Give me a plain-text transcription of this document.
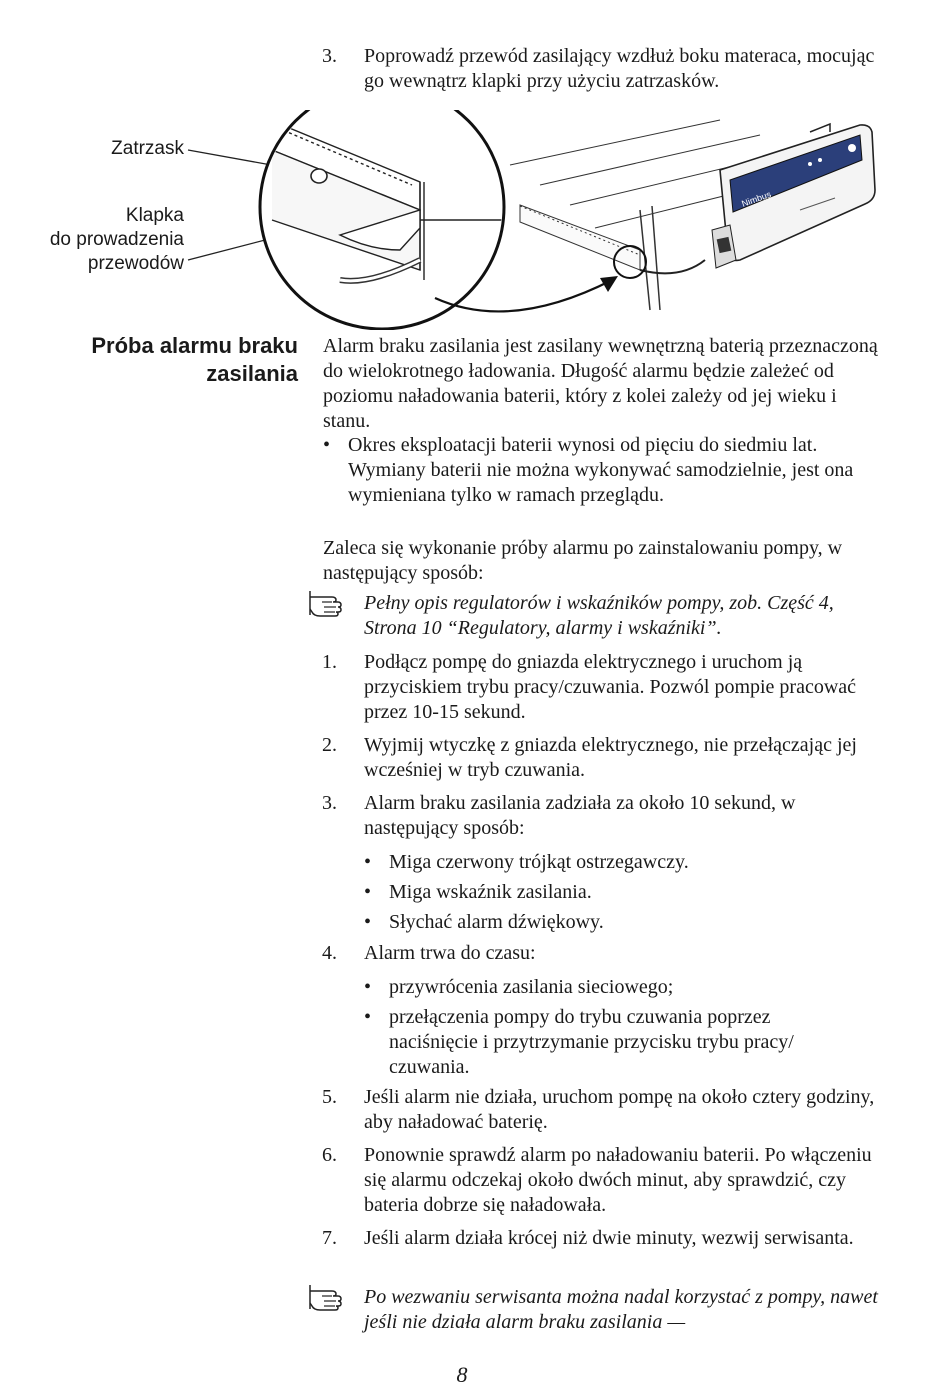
3.	Poprowadź przewód zasilający wzdłuż boku materaca, mocując go wewnątrz klapki przy użyciu zatrzasków.
Nimbus
Zatrzask
Klapka
do prowadzenia
przewodów
Próba alarmu braku
zasilania
Alarm braku zasilania jest zasilany wewnętrzną baterią przeznaczoną do wielokrotnego ładowania. Długość alarmu będzie zależeć od poziomu naładowania baterii, który z kolei zależy od jej wieku i stanu.
• Okres eksploatacji baterii wynosi od pięciu do siedmiu lat. Wymiany baterii nie można wykonywać samodzielnie, jest ona wymieniana tylko w ramach przeglądu.
Zaleca się wykonanie próby alarmu po zainstalowaniu pompy, w następujący sposób:
Pełny opis regulatorów i wskaźników pompy, zob. Część 4, Strona 10 “Regulatory, alarmy i wskaźniki”.
1.	Podłącz pompę do gniazda elektrycznego i uruchom ją przyciskiem trybu pracy/czuwania. Pozwól pompie pracować przez 10-15 sekund.
2.	Wyjmij wtyczkę z gniazda elektrycznego, nie przełączając jej wcześniej w tryb czuwania.
3.	Alarm braku zasilania zadziała za około 10 sekund, w następujący sposób:
• Miga czerwony trójkąt ostrzegawczy.
• Miga wskaźnik zasilania.
• Słychać alarm dźwiękowy.
4.	Alarm trwa do czasu:
• przywrócenia zasilania sieciowego;
• przełączenia pompy do trybu czuwania poprzez naciśnięcie i przytrzymanie przycisku trybu pracy/ czuwania.
5.	Jeśli alarm nie działa, uruchom pompę na około cztery godziny, aby naładować baterię.
6.	Ponownie sprawdź alarm po naładowaniu baterii. Po włączeniu się alarmu odczekaj około dwóch minut, aby sprawdzić, czy bateria dobrze się naładowała.
7.	Jeśli alarm działa krócej niż dwie minuty, wezwij serwisanta.
Po wezwaniu serwisanta można nadal korzystać z pompy, nawet jeśli nie działa alarm braku zasilania —
8
